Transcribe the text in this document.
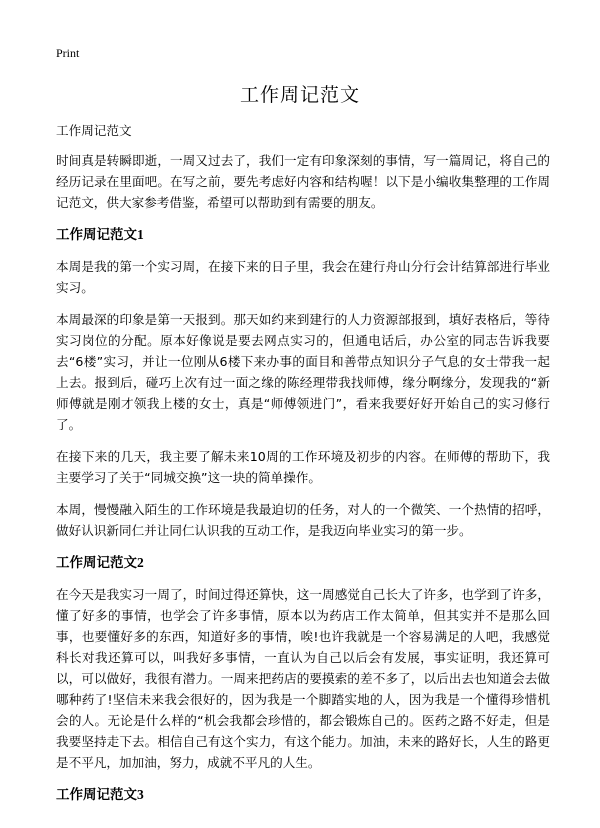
Print
工作周记范文

工作周记范文

时间真是转瞬即逝，一周又过去了，我们一定有印象深刻的事情，写一篇周记，将自己的经历记录在里面吧。在写之前，要先考虑好内容和结构喔！以下是小编收集整理的工作周记范文，供大家参考借鉴，希望可以帮助到有需要的朋友。

工作周记范文1

本周是我的第一个实习周，在接下来的日子里，我会在建行舟山分行会计结算部进行毕业实习。

本周最深的印象是第一天报到。那天如约来到建行的人力资源部报到，填好表格后，等待实习岗位的分配。原本好像说是要去网点实习的，但通电话后，办公室的同志告诉我要去“6楼”实习，并让一位刚从6楼下来办事的面目和善带点知识分子气息的女士带我一起上去。报到后，碰巧上次有过一面之缘的陈经理带我找师傅，缘分啊缘分，发现我的“新师傅就是刚才领我上楼的女士，真是“师傅领进门”，看来我要好好开始自己的实习修行了。

在接下来的几天，我主要了解未来10周的工作环境及初步的内容。在师傅的帮助下，我主要学习了关于“同城交换”这一块的简单操作。

本周，慢慢融入陌生的工作环境是我最迫切的任务，对人的一个微笑、一个热情的招呼，做好认识新同仁并让同仁认识我的互动工作，是我迈向毕业实习的第一步。

工作周记范文2

在今天是我实习一周了，时间过得还算快，这一周感觉自己长大了许多，也学到了许多，懂了好多的事情，也学会了许多事情，原本以为药店工作太简单，但其实并不是那么回事，也要懂好多的东西，知道好多的事情，唉!也许我就是一个容易满足的人吧，我感觉科长对我还算可以，叫我好多事情，一直认为自己以后会有发展，事实证明，我还算可以，可以做好，我很有潜力。一周来把药店的要摸索的差不多了，以后出去也知道会去做哪种药了!坚信未来我会很好的，因为我是一个脚踏实地的人，因为我是一个懂得珍惜机会的人。无论是什么样的“机会我都会珍惜的，都会锻炼自己的。医药之路不好走，但是我要坚持走下去。相信自己有这个实力，有这个能力。加油，未来的路好长，人生的路更是不平凡，加加油，努力，成就不平凡的人生。

工作周记范文3
